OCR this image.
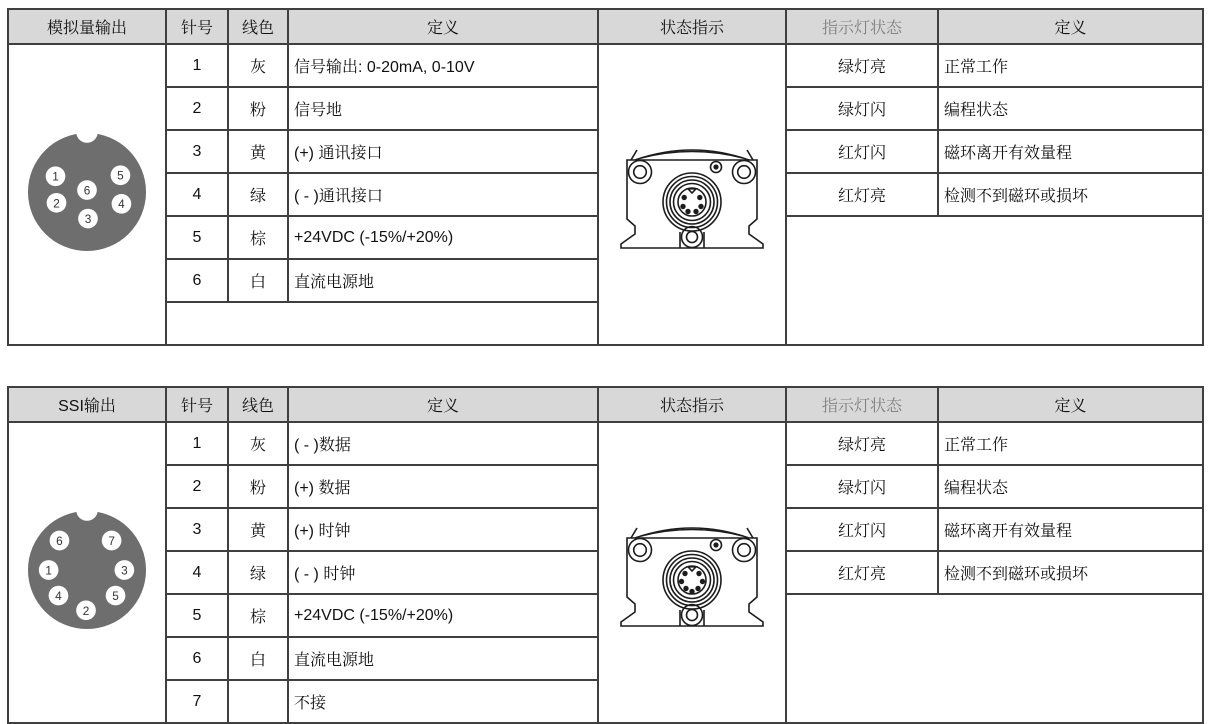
模拟量输出	针号	线色	定义	状态指示	指示灯状态	定义

1
2
3
4
5
6
	1	灰	信号输出: 0-20mA, 0-10V		绿灯亮	正常工作
	2	粉	信号地		绿灯闪	编程状态
	3	黄	(+) 通讯接口		红灯闪	磁环离开有效量程
	4	绿	( - )通讯接口		红灯亮	检测不到磁环或损坏
	5	棕	+24VDC (-15%/+20%)			
	6	白	直流电源地			

SSI输出	针号	线色	定义	状态指示	指示灯状态	定义

1
2
3
4	5
6	7
	1	灰	( - )数据		绿灯亮	正常工作
	2	粉	(+) 数据		绿灯闪	编程状态
	3	黄	(+) 时钟		红灯闪	磁环离开有效量程
	4	绿	( - ) 时钟		红灯亮	检测不到磁环或损坏
	5	棕	+24VDC (-15%/+20%)			
	6	白	直流电源地			
	7		不接			
